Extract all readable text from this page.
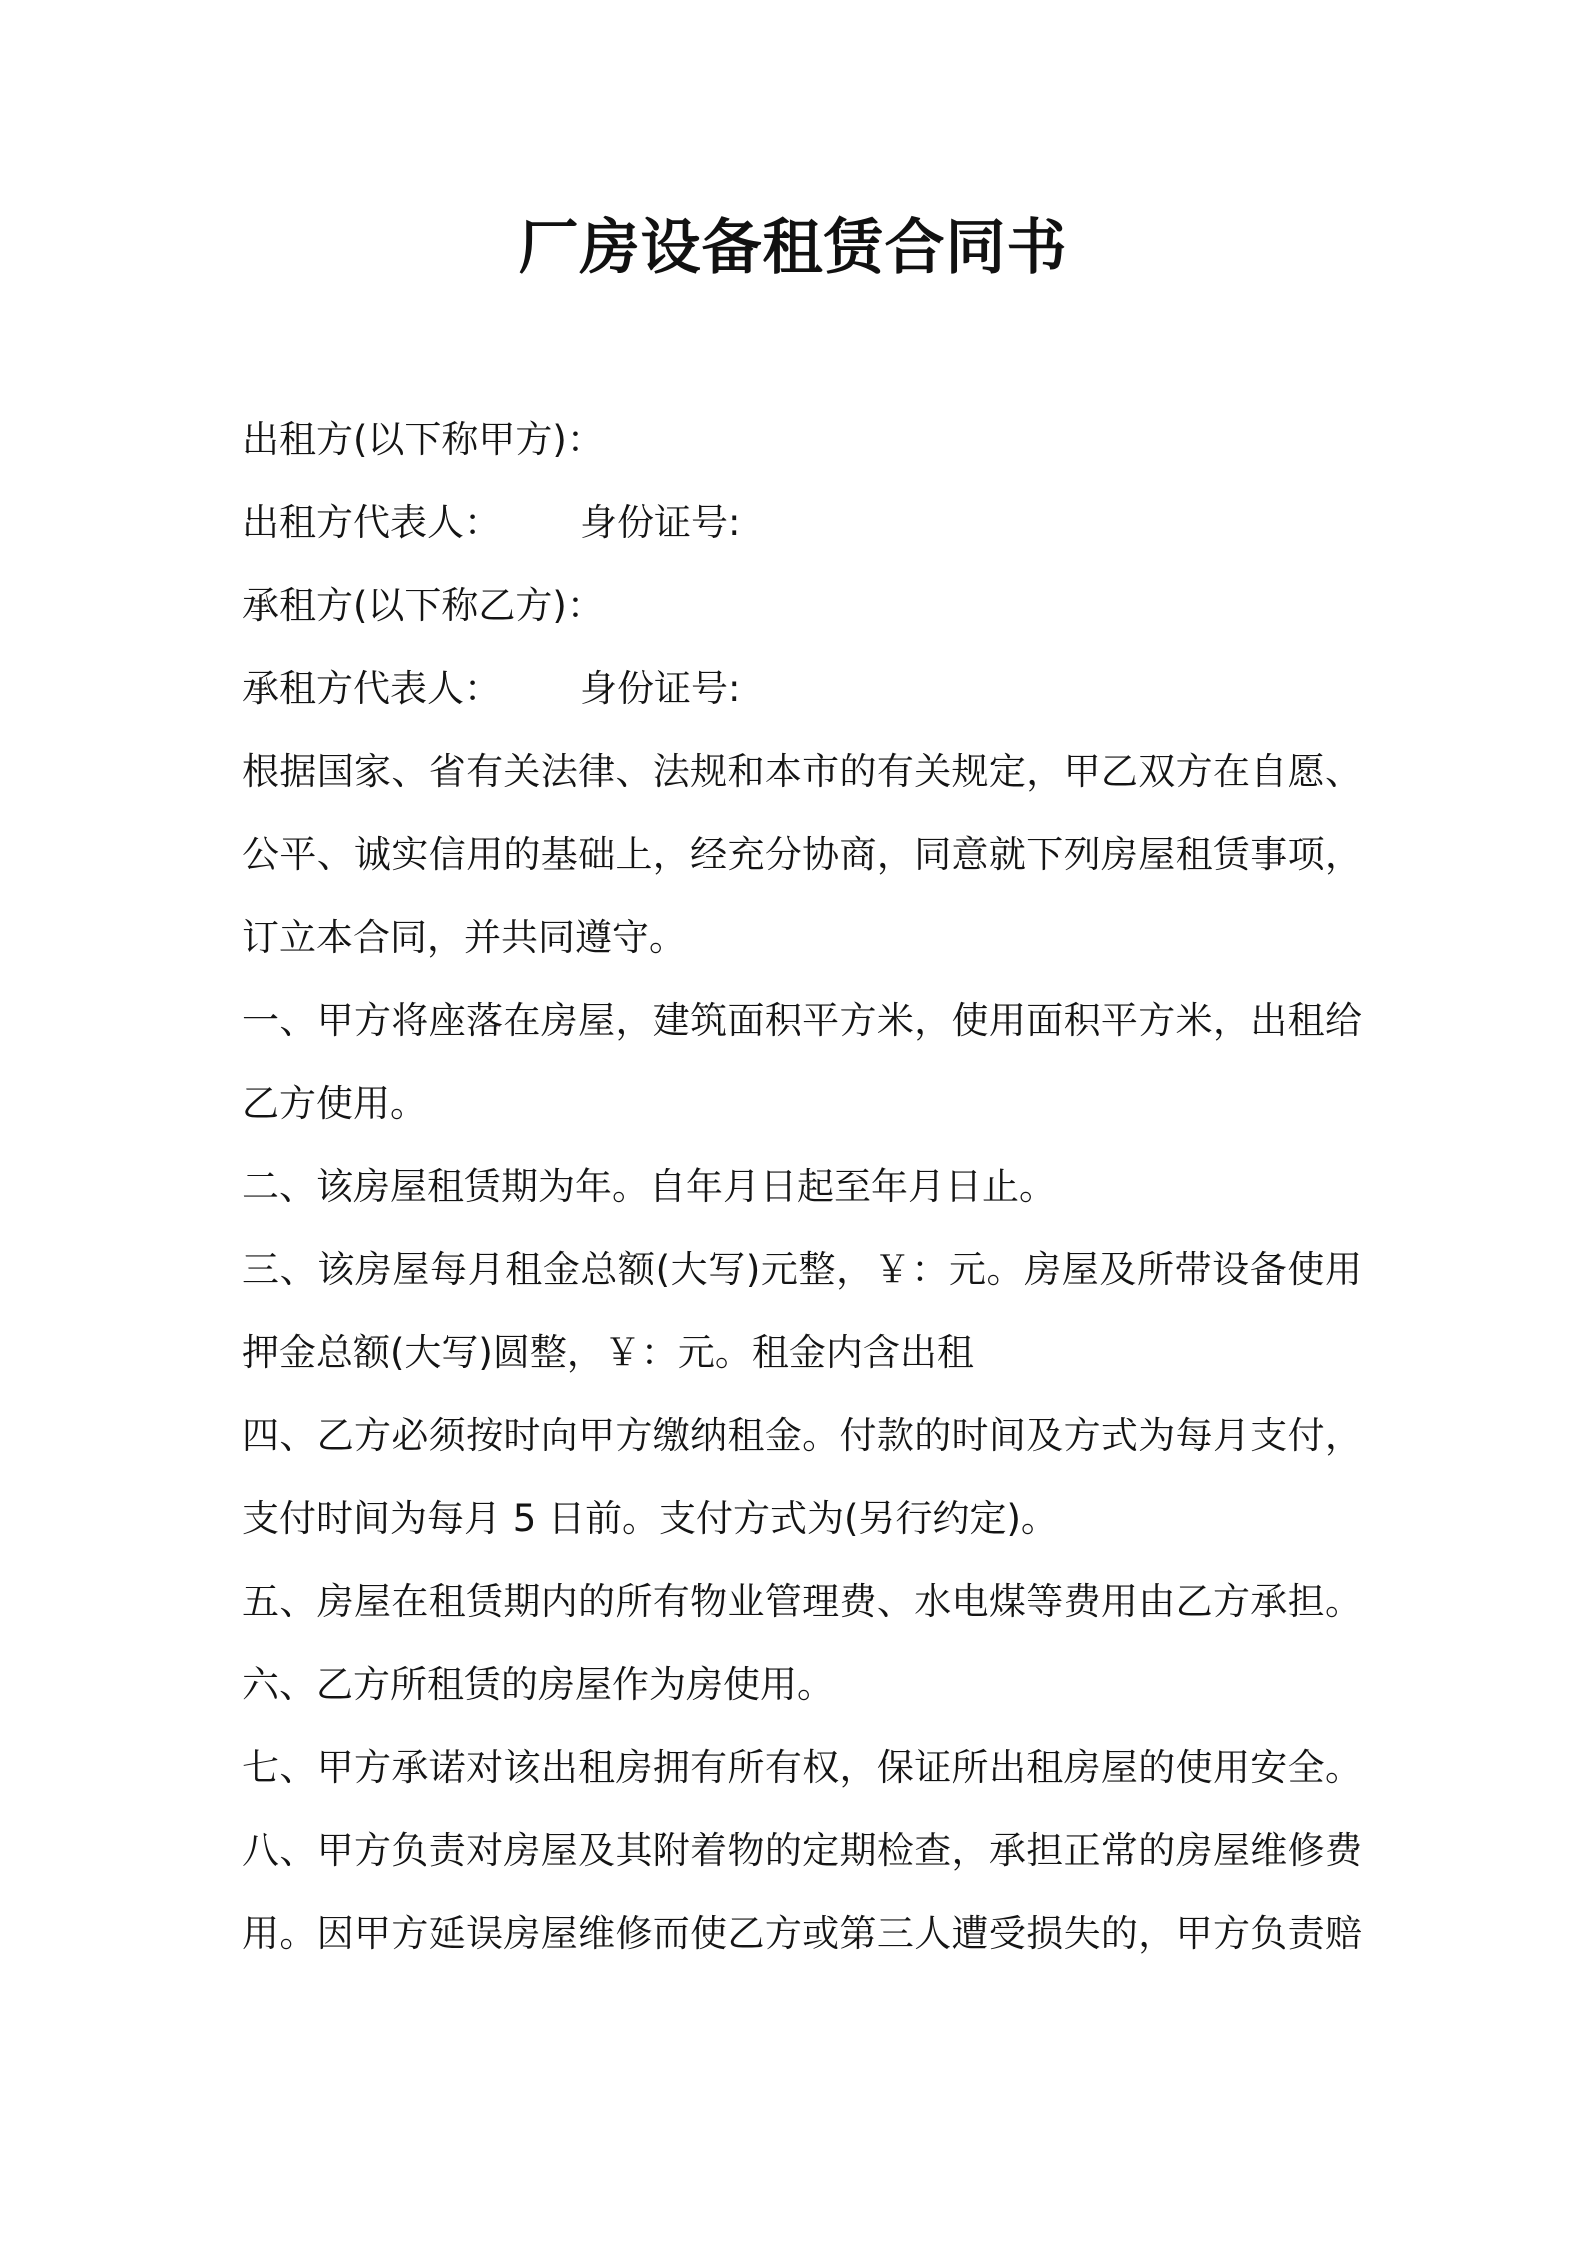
厂房设备租赁合同书
出租方(以下称甲方)：
出租方代表人： 身份证号:
承租方(以下称乙方)：
承租方代表人： 身份证号:
根据国家、省有关法律、法规和本市的有关规定，甲乙双方在自愿、
公平、诚实信用的基础上，经充分协商，同意就下列房屋租赁事项，
订立本合同，并共同遵守。
一、甲方将座落在房屋，建筑面积平方米，使用面积平方米，出租给
乙方使用。
二、该房屋租赁期为年。自年月日起至年月日止。
三、该房屋每月租金总额(大写)元整，￥：元。房屋及所带设备使用
押金总额(大写)圆整，￥：元。租金内含出租
四、乙方必须按时向甲方缴纳租金。付款的时间及方式为每月支付，
支付时间为每月 5 日前。支付方式为(另行约定)。
五、房屋在租赁期内的所有物业管理费、水电煤等费用由乙方承担。
六、乙方所租赁的房屋作为房使用。
七、甲方承诺对该出租房拥有所有权，保证所出租房屋的使用安全。
八、甲方负责对房屋及其附着物的定期检查，承担正常的房屋维修费
用。因甲方延误房屋维修而使乙方或第三人遭受损失的，甲方负责赔
